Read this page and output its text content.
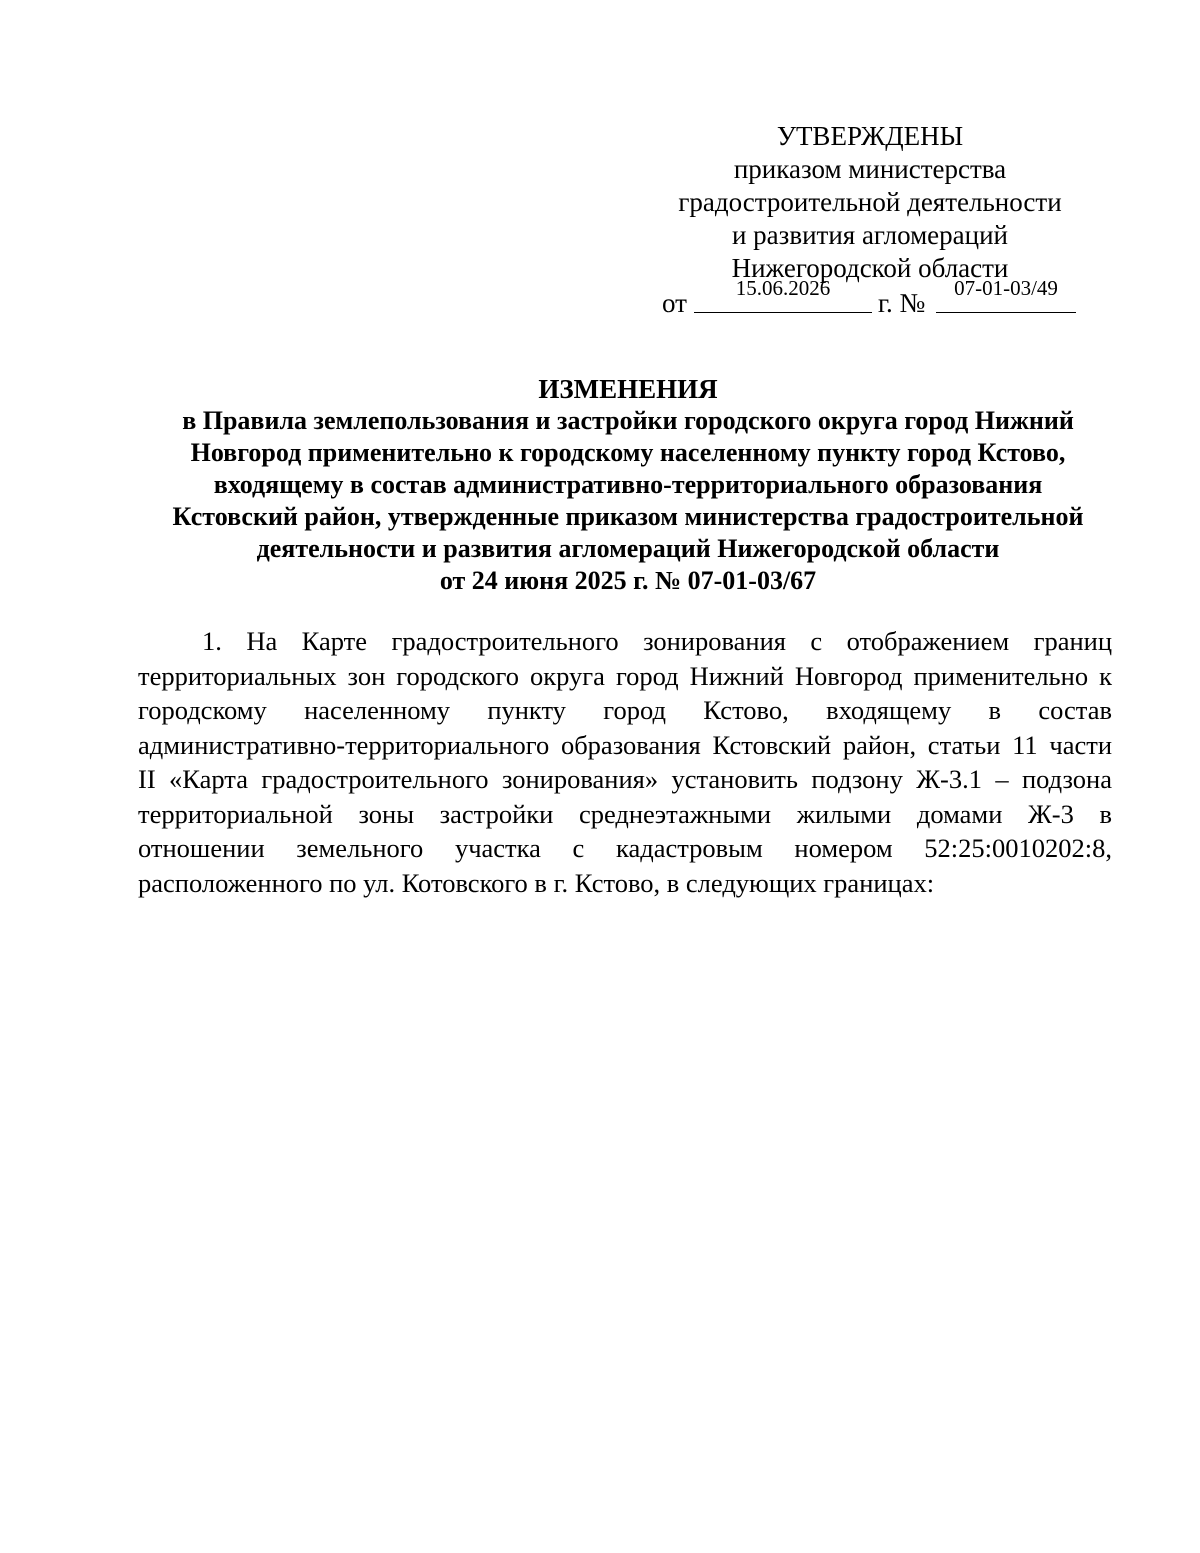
УТВЕРЖДЕНЫ
приказом министерства
градостроительной деятельности
и развития агломераций
Нижегородской области
от	15.06.2026	г. №	07-01-03/49
ИЗМЕНЕНИЯ
в Правила землепользования и застройки городского округа город Нижний
Новгород применительно к городскому населенному пункту город Кстово,
входящему в состав административно-территориального образования
Кстовский район, утвержденные приказом министерства градостроительной
деятельности и развития агломераций Нижегородской области
от 24 июня 2025 г. № 07-01-03/67
1. На Карте градостроительного зонирования с отображением границ
территориальных зон городского округа город Нижний Новгород применительно к
городскому населенному пункту город Кстово, входящему в состав
административно-территориального образования Кстовский район, статьи 11 части
II «Карта градостроительного зонирования» установить подзону Ж-3.1 – подзона
территориальной зоны застройки среднеэтажными жилыми домами Ж-3 в
отношении земельного участка с кадастровым номером 52:25:0010202:8,
расположенного по ул. Котовского в г. Кстово, в следующих границах:
